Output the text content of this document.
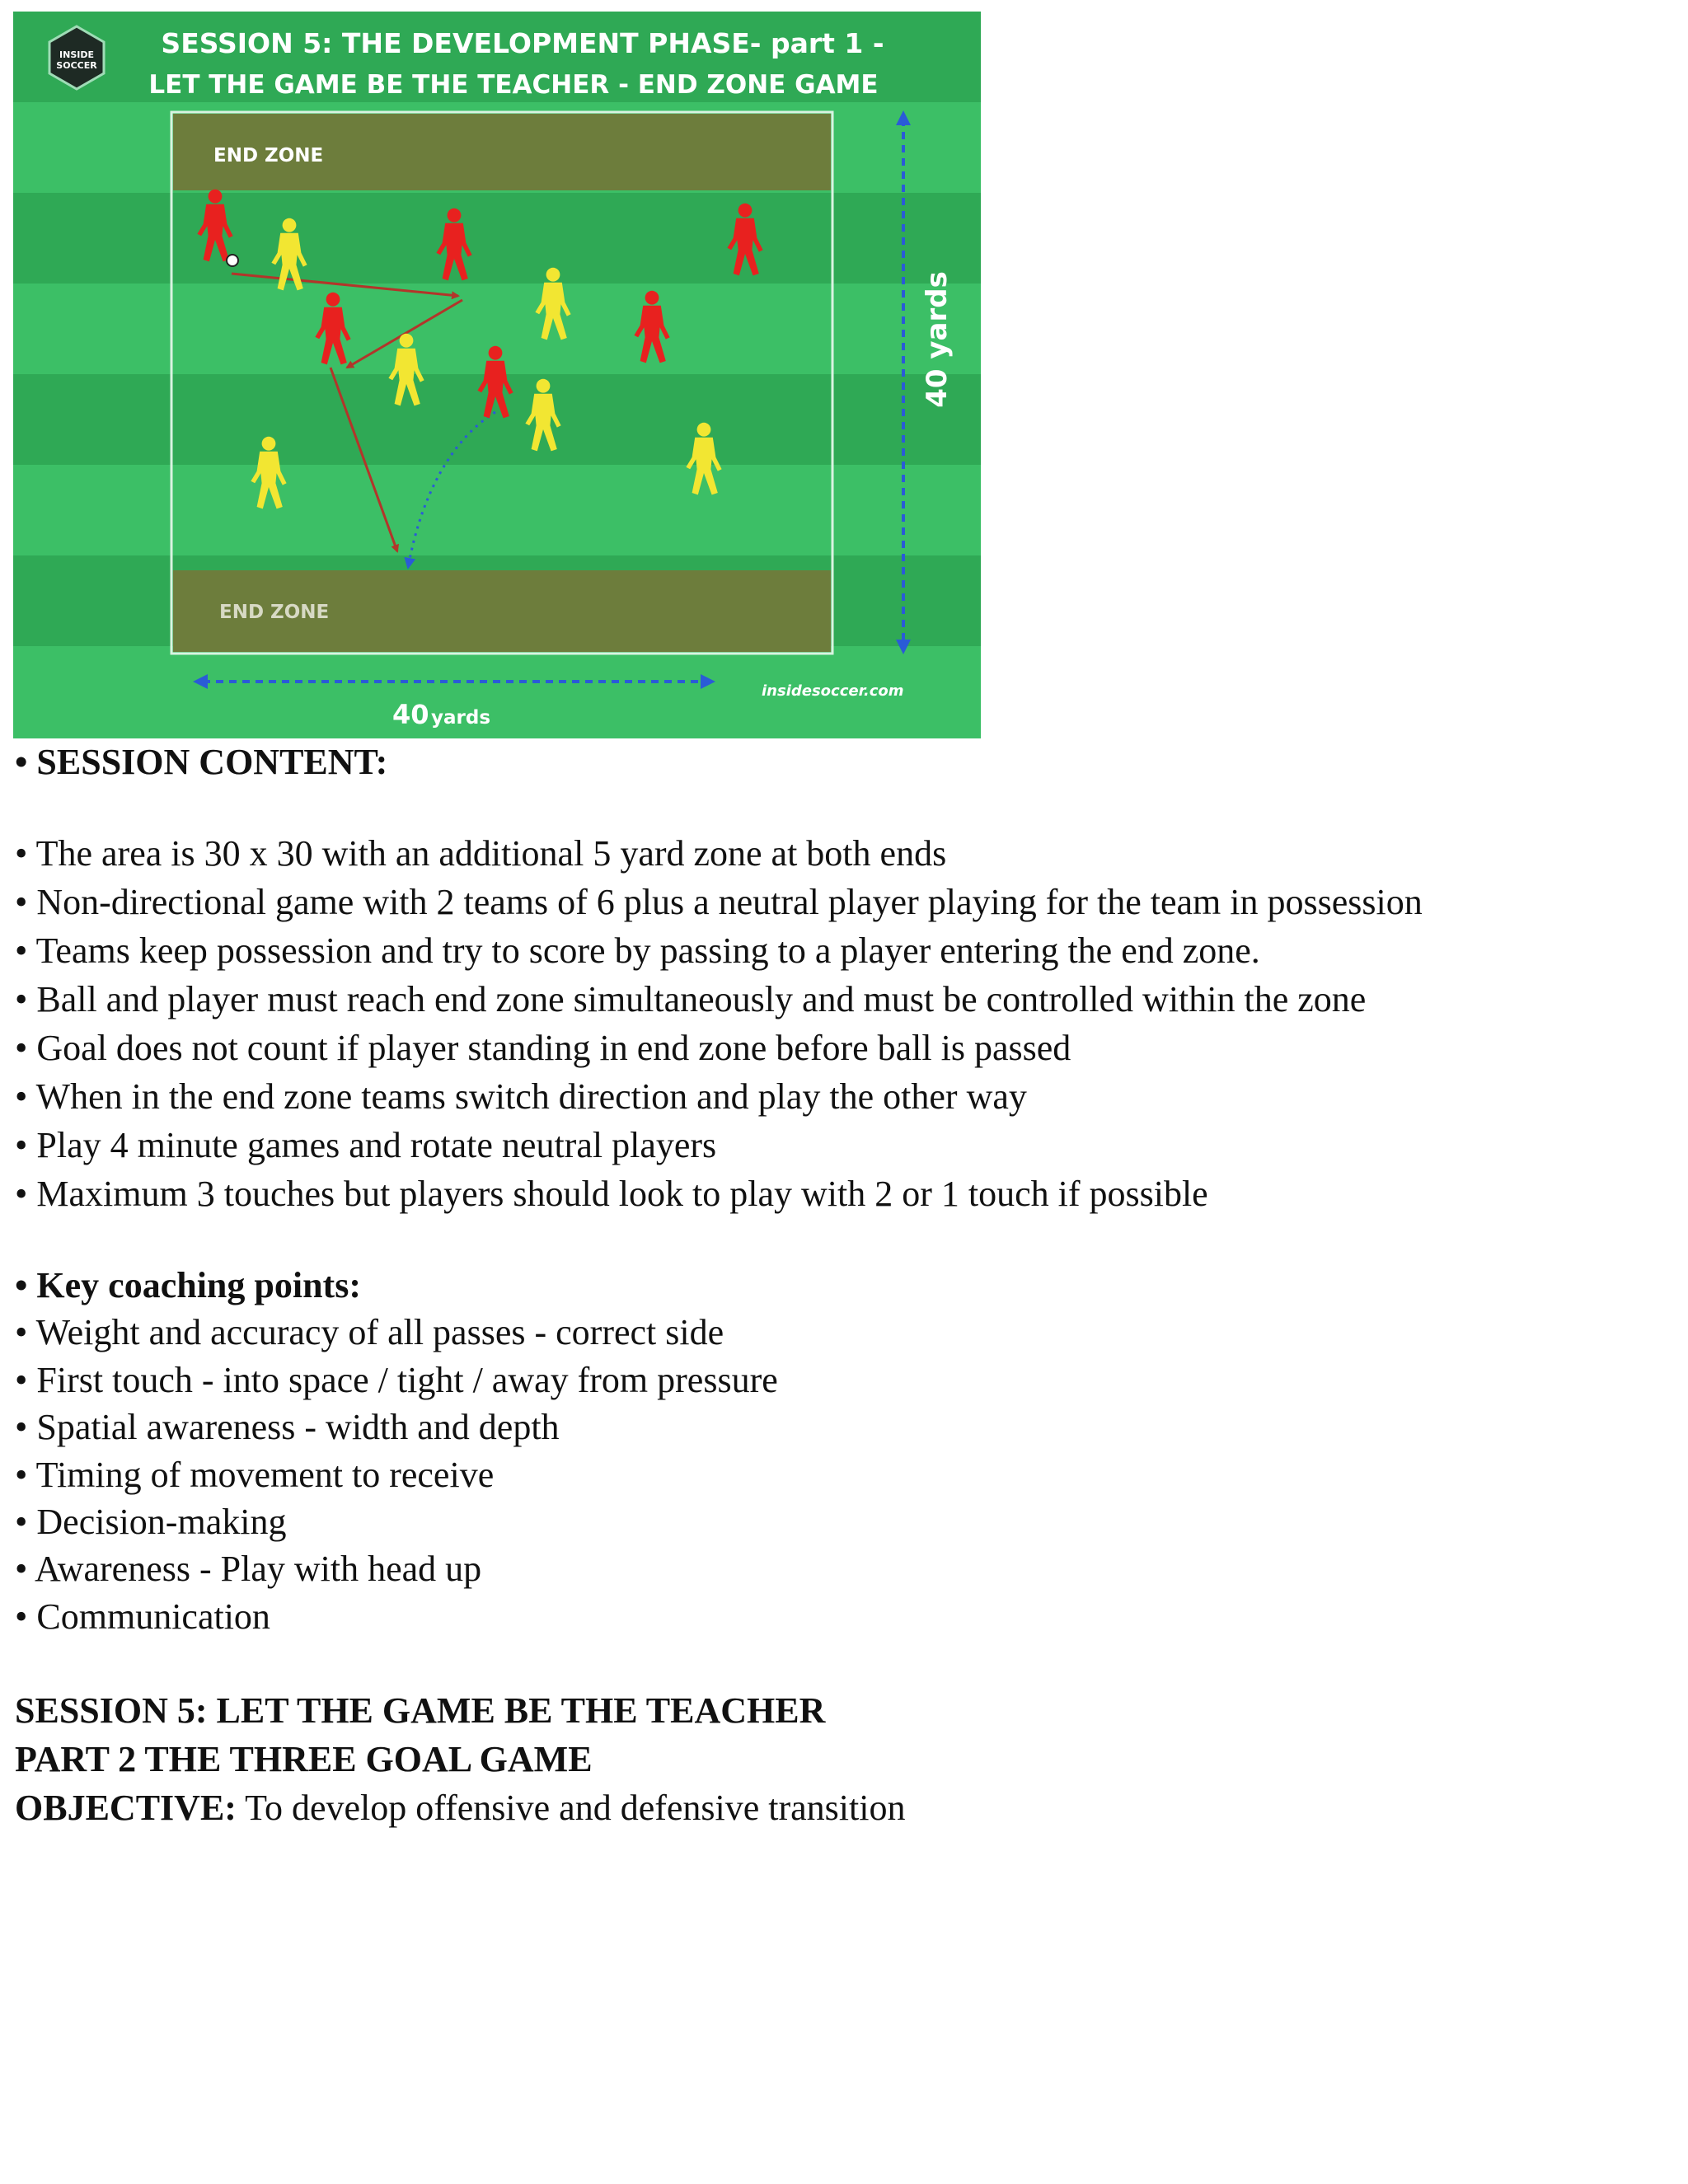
INSIDE
SOCCER
SESSION 5: THE DEVELOPMENT PHASE- part 1 -
LET THE GAME BE THE TEACHER - END ZONE GAME
END ZONE
END ZONE
40 yards
40 yards
insidesoccer.com
• SESSION CONTENT:
• The area is 30 x 30 with an additional 5 yard zone at both ends
• Non-directional game with 2 teams of 6 plus a neutral player playing for the team in possession
• Teams keep possession and try to score by passing to a player entering the end zone.
• Ball and player must reach end zone simultaneously and must be controlled within the zone
• Goal does not count if player standing in end zone before ball is passed
• When in the end zone teams switch direction and play the other way
• Play 4 minute games and rotate neutral players
• Maximum 3 touches but players should look to play with 2 or 1 touch if possible
• Key coaching points:
• Weight and accuracy of all passes - correct side
• First touch - into space / tight / away from pressure
• Spatial awareness - width and depth
• Timing of movement to receive
• Decision-making
• Awareness - Play with head up
• Communication
SESSION 5: LET THE GAME BE THE TEACHER
PART 2 THE THREE GOAL GAME
OBJECTIVE: To develop offensive and defensive transition
